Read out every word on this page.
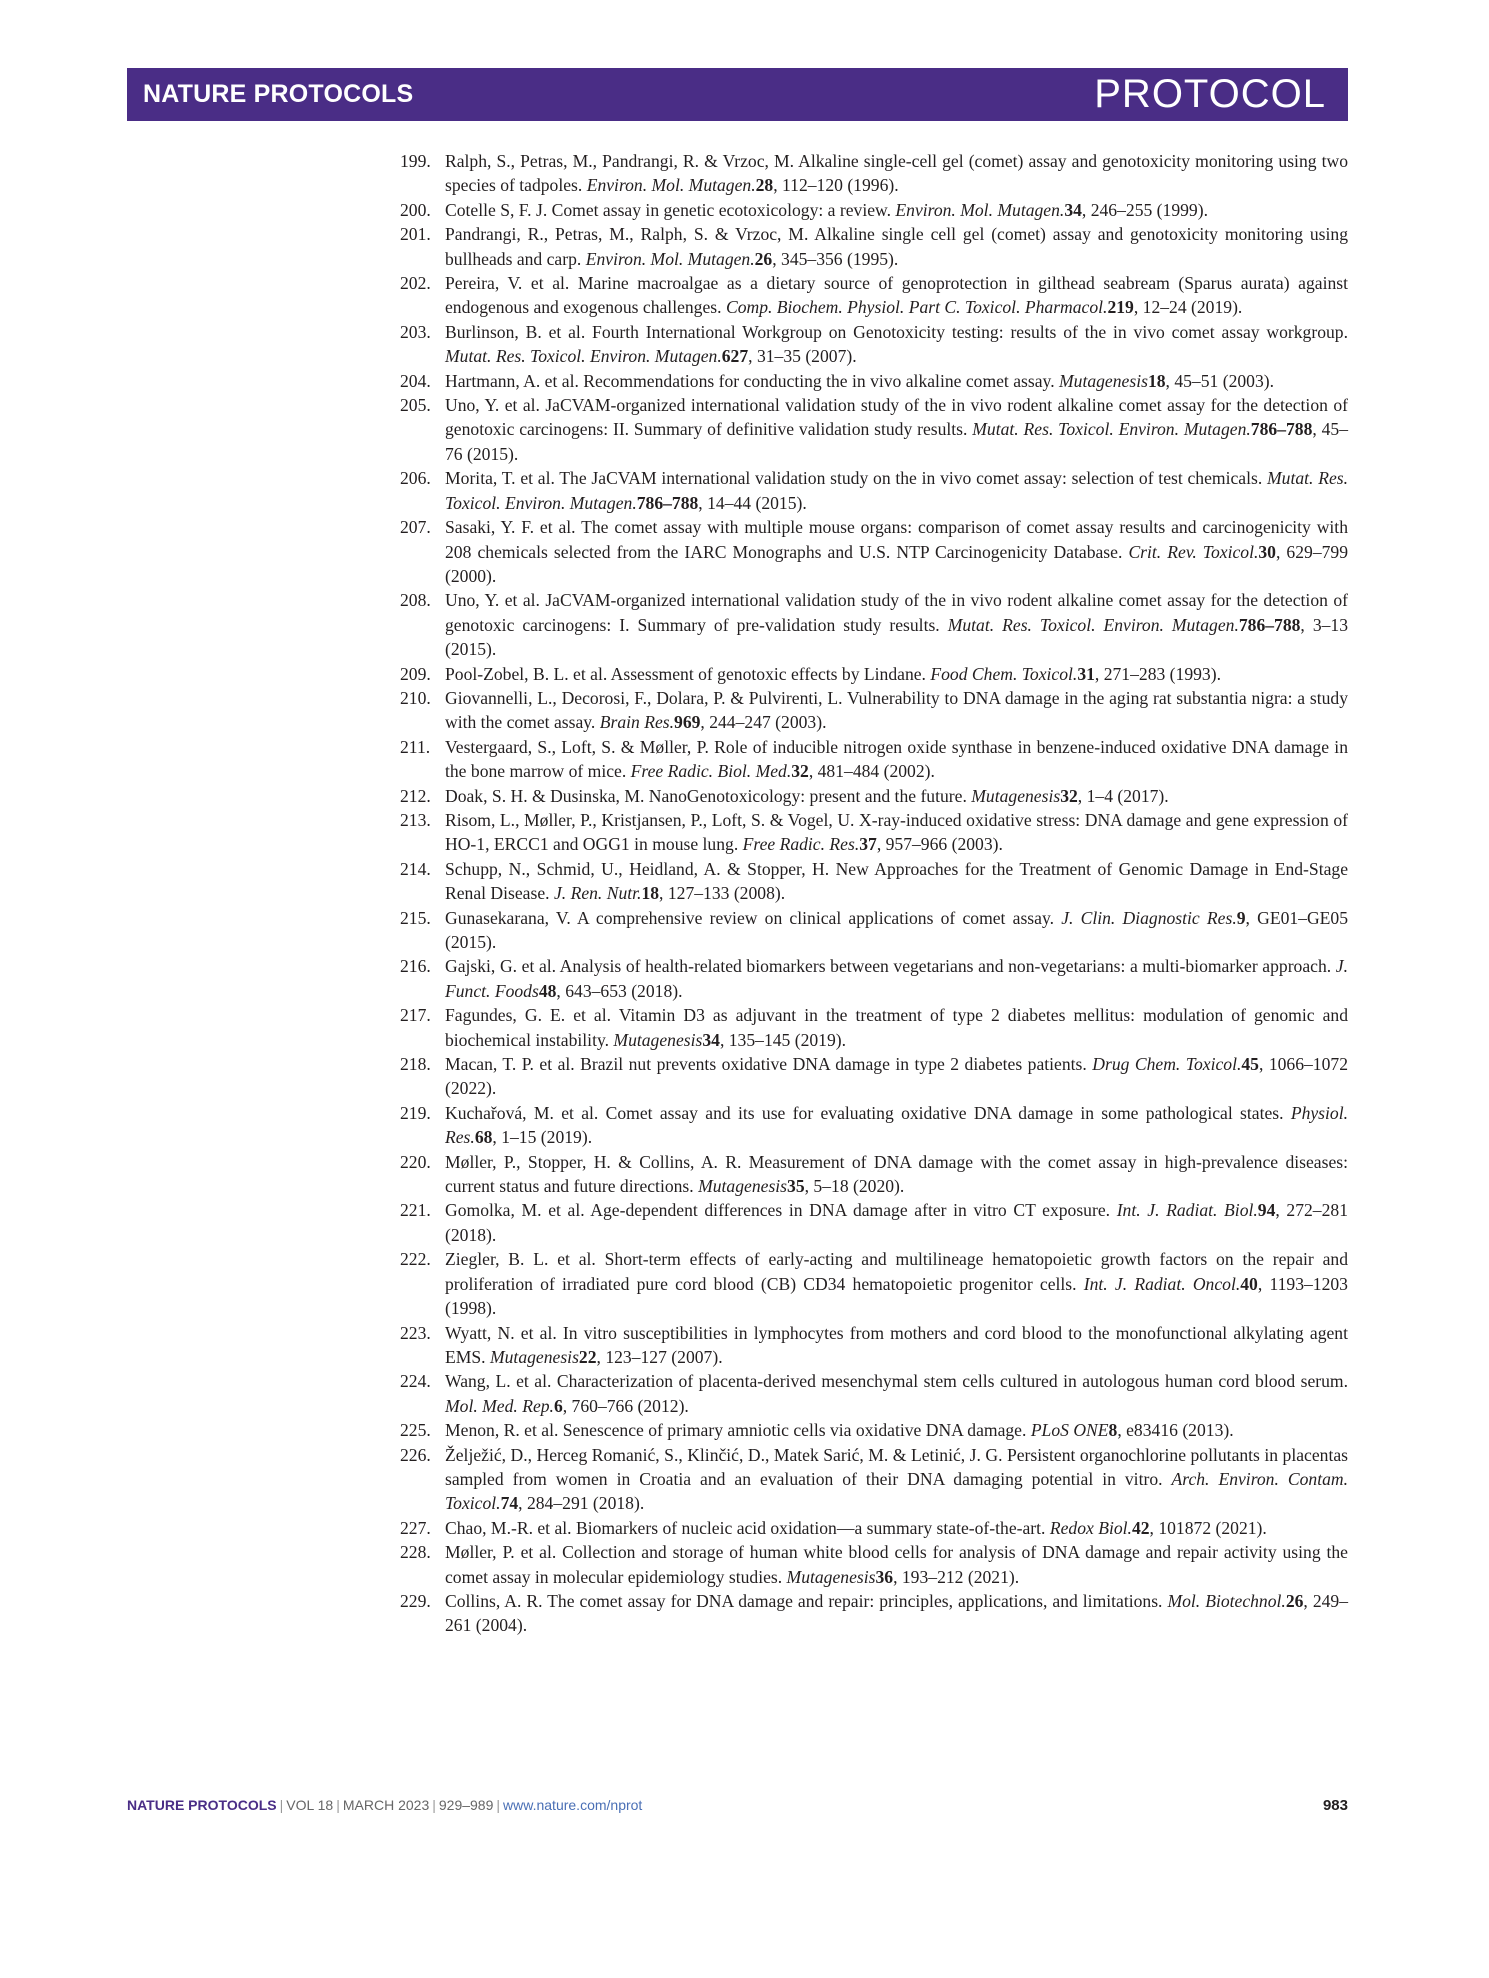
NATURE PROTOCOLS	PROTOCOL
199. Ralph, S., Petras, M., Pandrangi, R. & Vrzoc, M. Alkaline single-cell gel (comet) assay and genotoxicity monitoring using two species of tadpoles. Environ. Mol. Mutagen.28, 112–120 (1996).
200. Cotelle S, F. J. Comet assay in genetic ecotoxicology: a review. Environ. Mol. Mutagen.34, 246–255 (1999).
201. Pandrangi, R., Petras, M., Ralph, S. & Vrzoc, M. Alkaline single cell gel (comet) assay and genotoxicity monitoring using bullheads and carp. Environ. Mol. Mutagen.26, 345–356 (1995).
202. Pereira, V. et al. Marine macroalgae as a dietary source of genoprotection in gilthead seabream (Sparus aurata) against endogenous and exogenous challenges. Comp. Biochem. Physiol. Part C. Toxicol. Pharmacol.219, 12–24 (2019).
203. Burlinson, B. et al. Fourth International Workgroup on Genotoxicity testing: results of the in vivo comet assay workgroup. Mutat. Res. Toxicol. Environ. Mutagen.627, 31–35 (2007).
204. Hartmann, A. et al. Recommendations for conducting the in vivo alkaline comet assay. Mutagenesis18, 45–51 (2003).
205. Uno, Y. et al. JaCVAM-organized international validation study of the in vivo rodent alkaline comet assay for the detection of genotoxic carcinogens: II. Summary of definitive validation study results. Mutat. Res. Toxicol. Environ. Mutagen.786–788, 45–76 (2015).
206. Morita, T. et al. The JaCVAM international validation study on the in vivo comet assay: selection of test chemicals. Mutat. Res. Toxicol. Environ. Mutagen.786–788, 14–44 (2015).
207. Sasaki, Y. F. et al. The comet assay with multiple mouse organs: comparison of comet assay results and carcinogenicity with 208 chemicals selected from the IARC Monographs and U.S. NTP Carcinogenicity Database. Crit. Rev. Toxicol.30, 629–799 (2000).
208. Uno, Y. et al. JaCVAM-organized international validation study of the in vivo rodent alkaline comet assay for the detection of genotoxic carcinogens: I. Summary of pre-validation study results. Mutat. Res. Toxicol. Environ. Mutagen.786–788, 3–13 (2015).
209. Pool-Zobel, B. L. et al. Assessment of genotoxic effects by Lindane. Food Chem. Toxicol.31, 271–283 (1993).
210. Giovannelli, L., Decorosi, F., Dolara, P. & Pulvirenti, L. Vulnerability to DNA damage in the aging rat substantia nigra: a study with the comet assay. Brain Res.969, 244–247 (2003).
211. Vestergaard, S., Loft, S. & Møller, P. Role of inducible nitrogen oxide synthase in benzene-induced oxidative DNA damage in the bone marrow of mice. Free Radic. Biol. Med.32, 481–484 (2002).
212. Doak, S. H. & Dusinska, M. NanoGenotoxicology: present and the future. Mutagenesis32, 1–4 (2017).
213. Risom, L., Møller, P., Kristjansen, P., Loft, S. & Vogel, U. X-ray-induced oxidative stress: DNA damage and gene expression of HO-1, ERCC1 and OGG1 in mouse lung. Free Radic. Res.37, 957–966 (2003).
214. Schupp, N., Schmid, U., Heidland, A. & Stopper, H. New Approaches for the Treatment of Genomic Damage in End-Stage Renal Disease. J. Ren. Nutr.18, 127–133 (2008).
215. Gunasekarana, V. A comprehensive review on clinical applications of comet assay. J. Clin. Diagnostic Res.9, GE01–GE05 (2015).
216. Gajski, G. et al. Analysis of health-related biomarkers between vegetarians and non-vegetarians: a multi-biomarker approach. J. Funct. Foods48, 643–653 (2018).
217. Fagundes, G. E. et al. Vitamin D3 as adjuvant in the treatment of type 2 diabetes mellitus: modulation of genomic and biochemical instability. Mutagenesis34, 135–145 (2019).
218. Macan, T. P. et al. Brazil nut prevents oxidative DNA damage in type 2 diabetes patients. Drug Chem. Toxicol.45, 1066–1072 (2022).
219. Kuchařová, M. et al. Comet assay and its use for evaluating oxidative DNA damage in some pathological states. Physiol. Res.68, 1–15 (2019).
220. Møller, P., Stopper, H. & Collins, A. R. Measurement of DNA damage with the comet assay in high-prevalence diseases: current status and future directions. Mutagenesis35, 5–18 (2020).
221. Gomolka, M. et al. Age-dependent differences in DNA damage after in vitro CT exposure. Int. J. Radiat. Biol.94, 272–281 (2018).
222. Ziegler, B. L. et al. Short-term effects of early-acting and multilineage hematopoietic growth factors on the repair and proliferation of irradiated pure cord blood (CB) CD34 hematopoietic progenitor cells. Int. J. Radiat. Oncol.40, 1193–1203 (1998).
223. Wyatt, N. et al. In vitro susceptibilities in lymphocytes from mothers and cord blood to the monofunctional alkylating agent EMS. Mutagenesis22, 123–127 (2007).
224. Wang, L. et al. Characterization of placenta-derived mesenchymal stem cells cultured in autologous human cord blood serum. Mol. Med. Rep.6, 760–766 (2012).
225. Menon, R. et al. Senescence of primary amniotic cells via oxidative DNA damage. PLoS ONE8, e83416 (2013).
226. Želježić, D., Herceg Romanić, S., Klinčić, D., Matek Sarić, M. & Letinić, J. G. Persistent organochlorine pollutants in placentas sampled from women in Croatia and an evaluation of their DNA damaging potential in vitro. Arch. Environ. Contam. Toxicol.74, 284–291 (2018).
227. Chao, M.-R. et al. Biomarkers of nucleic acid oxidation—a summary state-of-the-art. Redox Biol.42, 101872 (2021).
228. Møller, P. et al. Collection and storage of human white blood cells for analysis of DNA damage and repair activity using the comet assay in molecular epidemiology studies. Mutagenesis36, 193–212 (2021).
229. Collins, A. R. The comet assay for DNA damage and repair: principles, applications, and limitations. Mol. Biotechnol.26, 249–261 (2004).
NATURE PROTOCOLS | VOL 18 | MARCH 2023 | 929–989 | www.nature.com/nprot	983
